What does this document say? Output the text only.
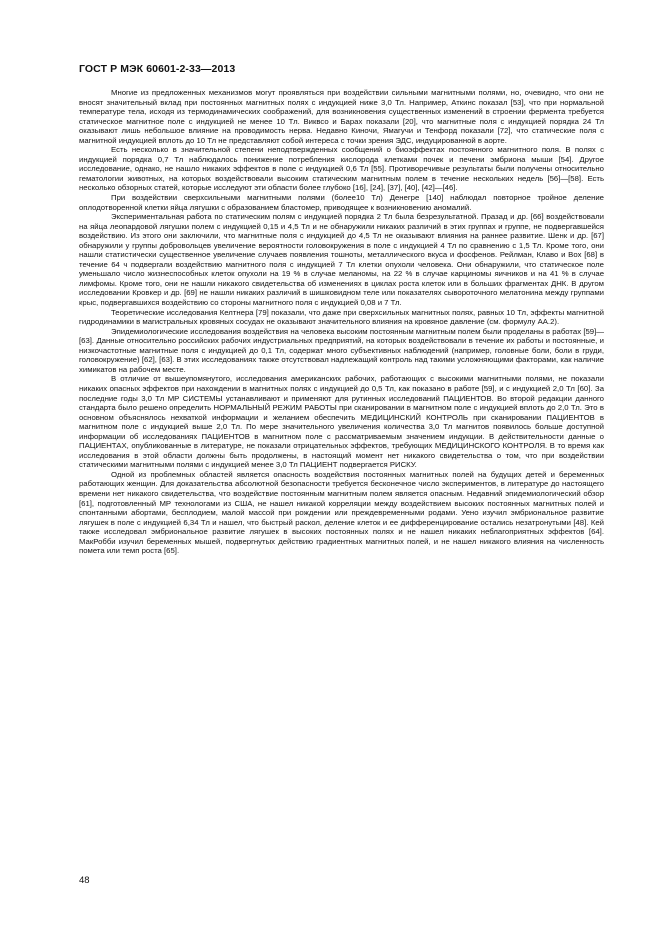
ГОСТ Р МЭК 60601-2-33—2013

Многие из предложенных механизмов могут проявляться при воздействии сильными магнитными полями, но, очевидно, что они не вносят значительный вклад при постоянных магнитных полях с индукцией ниже 3,0 Тл. Например, Аткинс показал [53], что при нормальной температуре тела, исходя из термодинамических соображений, для возникновения существенных изменений в строении фермента требуется статическое магнитное поле с индукцией не менее 10 Тл. Виквсо и Барах показали [20], что магнитные поля с индукцией порядка 24 Тл оказывают лишь небольшое влияние на проводимость нерва. Недавно Киночи, Ямагучи и Тенфорд показали [72], что статические поля с магнитной индукцией вплоть до 10 Тл не представляют собой интереса с точки зрения ЭДС, индуцированной в аорте.

Есть несколько в значительной степени неподтвержденных сообщений о биоэффектах постоянного магнитного поля. В полях с индукцией порядка 0,7 Тл наблюдалось понижение потребления кислорода клетками почек и печени эмбриона мыши [54]. Другое исследование, однако, не нашло никаких эффектов в поле с индукцией 0,6 Тл [55]. Противоречивые результаты были получены относительно гематологии животных, на которых воздействовали высоким статическим магнитным полем в течение нескольких недель [56]—[58]. Есть несколько обзорных статей, которые исследуют эти области более глубоко [16], [24], [37], [40], [42]—[46].

При воздействии сверхсильными магнитными полями (более10 Тл) Денегре [140] наблюдал повторное тройное деление оплодотворенной клетки яйца лягушки с образованием бластомер, приводящее к возникновению аномалий.

Экспериментальная работа по статическим полям с индукцией порядка 2 Тл была безрезультатной. Празад и др. [66] воздействовали на яйца леопардовой лягушки полем с индукцией 0,15 и 4,5 Тл и не обнаружили никаких различий в этих группах и группе, не подвергавшейся воздействию. Из этого они заключили, что магнитные поля с индукцией до 4,5 Тл не оказывают влияния на раннее развитие. Шенк и др. [67] обнаружили у группы добровольцев увеличение вероятности головокружения в поле с индукцией 4 Тл по сравнению с 1,5 Тл. Кроме того, они нашли статистически существенное увеличение случаев появления тошноты, металлического вкуса и фосфенов. Рейлман, Клаво и Вох [68] в течение 64 ч подвергали воздействию магнитного поля с индукцией 7 Тл клетки опухоли человека. Они обнаружили, что статическое поле уменьшало число жизнеспособных клеток опухоли на 19 % в случае меланомы, на 22 % в случае карциномы яичников и на 41 % в случае лимфомы. Кроме того, они не нашли никакого свидетельства об изменениях в циклах роста клеток или в больших фрагментах ДНК. В другом исследовании Кровкер и др. [69] не нашли никаких различий в шишковидном теле или показателях сывороточного мелатонина между группами крыс, подвергавшихся воздействию со стороны магнитного поля с индукцией 0,08 и 7 Тл.

Теоретические исследования Келтнера [79] показали, что даже при сверхсильных магнитных полях, равных 10 Тл, эффекты магнитной гидродинамики в магистральных кровяных сосудах не оказывают значительного влияния на кровяное давление (см. формулу АА.2).

Эпидемиологические исследования воздействия на человека высоким постоянным магнитным полем были проделаны в работах [59]—[63]. Данные относительно российских рабочих индустриальных предприятий, на которых воздействовали в течение их работы и постоянные, и низкочастотные магнитные поля с индукцией до 0,1 Тл, содержат много субъективных наблюдений (например, головные боли, боли в груди, головокружение) [62], [63]. В этих исследованиях также отсутствовал надлежащий контроль над такими усложняющими факторами, как наличие химикатов на рабочем месте.

В отличие от вышеупомянутого, исследования американских рабочих, работающих с высокими магнитными полями, не показали никаких опасных эффектов при нахождении в магнитных полях с индукцией до 0,5 Тл, как показано в работе [59], и с индукцией 2,0 Тл [60]. За последние годы 3,0 Тл МР СИСТЕМЫ устанавливают и применяют для рутинных исследований ПАЦИЕНТОВ. Во второй редакции данного стандарта было решено определить НОРМАЛЬНЫЙ РЕЖИМ РАБОТЫ при сканировании в магнитном поле с индукцией вплоть до 2,0 Тл. Это в основном объяснялось нехваткой информации и желанием обеспечить МЕДИЦИНСКИЙ КОНТРОЛЬ при сканировании ПАЦИЕНТОВ в магнитном поле с индукцией выше 2,0 Тл. По мере значительного увеличения количества 3,0 Тл магнитов появилось больше доступной информации об исследованиях ПАЦИЕНТОВ в магнитном поле с рассматриваемым значением индукции. В действительности данные о ПАЦИЕНТАХ, опубликованные в литературе, не показали отрицательных эффектов, требующих МЕДИЦИНСКОГО КОНТРОЛЯ. В то время как исследования в этой области должны быть продолжены, в настоящий момент нет никакого свидетельства о том, что при воздействии статическими магнитными полями с индукцией менее 3,0 Тл ПАЦИЕНТ подвергается РИСКУ.

Одной из проблемных областей является опасность воздействия постоянных магнитных полей на будущих детей и беременных работающих женщин. Для доказательства абсолютной безопасности требуется бесконечное число экспериментов, в литературе до настоящего времени нет никакого свидетельства, что воздействие постоянным магнитным полем является опасным. Недавний эпидемиологический обзор [61], подготовленный МР технологами из США, не нашел никакой корреляции между воздействием высоких постоянных магнитных полей и спонтанными абортами, бесплодием, малой массой при рождении или преждевременными родами. Уено изучил эмбриональное развитие лягушек в поле с индукцией 6,34 Тл и нашел, что быстрый раскол, деление клеток и ее дифференцирование остались незатронутыми [48]. Кей также исследовал эмбриональное развитие лягушек в высоких постоянных полях и не нашел никаких неблагоприятных эффектов [64]. МакРобби изучил беременных мышей, подвергнутых действию градиентных магнитных полей, и не нашел никакого влияния на численность помета или темп роста [65].

48
